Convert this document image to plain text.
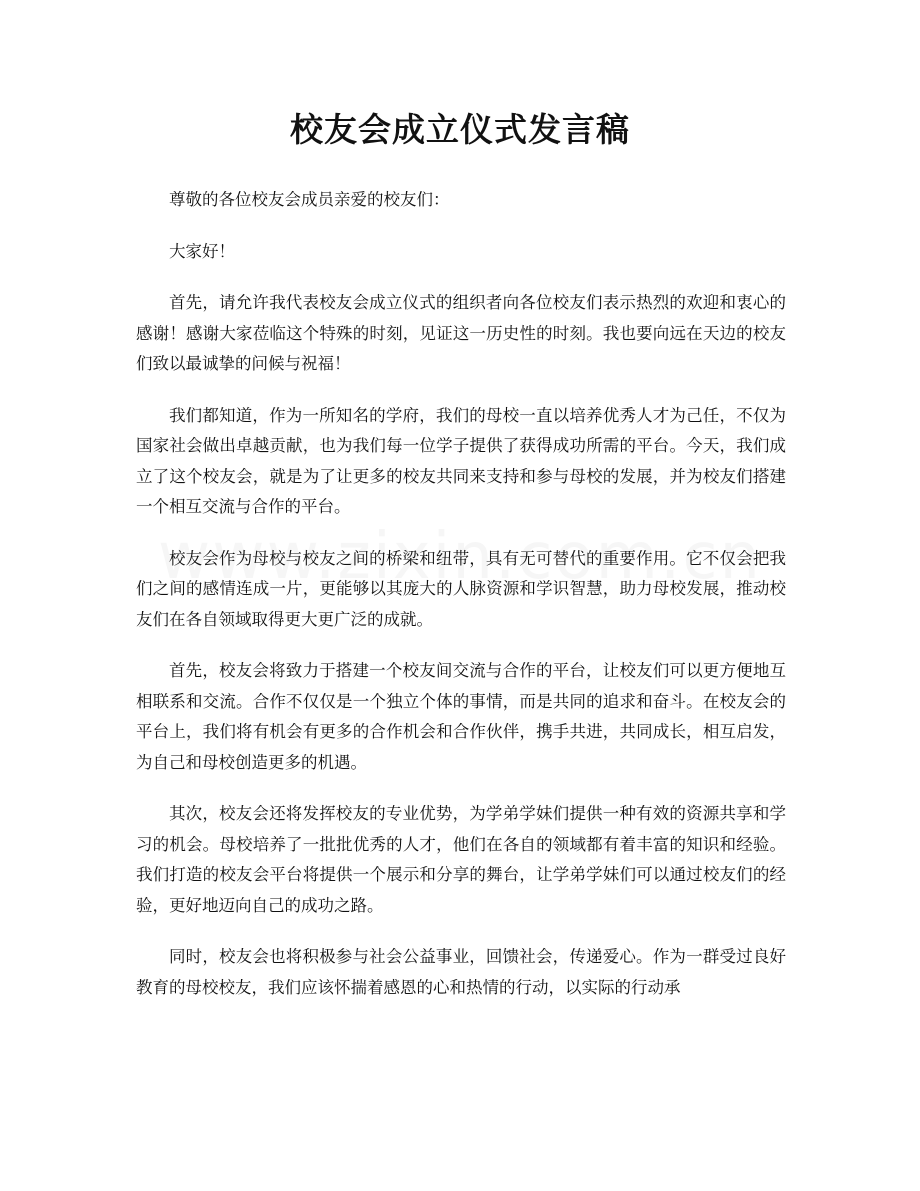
校友会成立仪式发言稿

尊敬的各位校友会成员亲爱的校友们：

大家好！

首先，请允许我代表校友会成立仪式的组织者向各位校友们表示热烈的欢迎和衷心的感谢！感谢大家莅临这个特殊的时刻，见证这一历史性的时刻。我也要向远在天边的校友们致以最诚挚的问候与祝福！

我们都知道，作为一所知名的学府，我们的母校一直以培养优秀人才为己任，不仅为国家社会做出卓越贡献，也为我们每一位学子提供了获得成功所需的平台。今天，我们成立了这个校友会，就是为了让更多的校友共同来支持和参与母校的发展，并为校友们搭建一个相互交流与合作的平台。

校友会作为母校与校友之间的桥梁和纽带，具有无可替代的重要作用。它不仅会把我们之间的感情连成一片，更能够以其庞大的人脉资源和学识智慧，助力母校发展，推动校友们在各自领域取得更大更广泛的成就。

首先，校友会将致力于搭建一个校友间交流与合作的平台，让校友们可以更方便地互相联系和交流。合作不仅仅是一个独立个体的事情，而是共同的追求和奋斗。在校友会的平台上，我们将有机会有更多的合作机会和合作伙伴，携手共进，共同成长，相互启发，为自己和母校创造更多的机遇。

其次，校友会还将发挥校友的专业优势，为学弟学妹们提供一种有效的资源共享和学习的机会。母校培养了一批批优秀的人才，他们在各自的领域都有着丰富的知识和经验。我们打造的校友会平台将提供一个展示和分享的舞台，让学弟学妹们可以通过校友们的经验，更好地迈向自己的成功之路。

同时，校友会也将积极参与社会公益事业，回馈社会，传递爱心。作为一群受过良好教育的母校校友，我们应该怀揣着感恩的心和热情的行动，以实际的行动承
